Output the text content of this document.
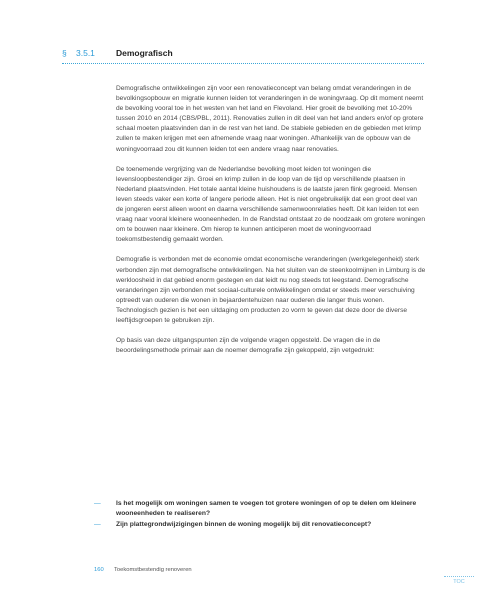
§	3.5.1	Demografisch

Demografische ontwikkelingen zijn voor een renovatieconcept van belang omdat veranderingen in de bevolkingsopbouw en migratie kunnen leiden tot veranderingen in de woningvraag. Op dit moment neemt de bevolking vooral toe in het westen van het land en Flevoland. Hier groeit de bevolking met 10-20% tussen 2010 en 2014 (CBS/PBL, 2011). Renovaties zullen in dit deel van het land anders en/of op grotere schaal moeten plaatsvinden dan in de rest van het land. De stabiele gebieden en de gebieden met krimp zullen te maken krijgen met een afnemende vraag naar woningen. Afhankelijk van de opbouw van de woningvoorraad zou dit kunnen leiden tot een andere vraag naar renovaties.

De toenemende vergrijzing van de Nederlandse bevolking moet leiden tot woningen die levensloopbestendiger zijn. Groei en krimp zullen in de loop van de tijd op verschillende plaatsen in Nederland plaatsvinden. Het totale aantal kleine huishoudens is de laatste jaren flink gegroeid. Mensen leven steeds vaker een korte of langere periode alleen. Het is niet ongebruikelijk dat een groot deel van de jongeren eerst alleen woont en daarna verschillende samenwoonrelaties heeft. Dit kan leiden tot een vraag naar vooral kleinere wooneenheden. In de Randstad ontstaat zo de noodzaak om grotere woningen om te bouwen naar kleinere. Om hierop te kunnen anticiperen moet de woningvoorraad toekomstbestendig gemaakt worden.

Demografie is verbonden met de economie omdat economische veranderingen (werkgelegenheid) sterk verbonden zijn met demografische ontwikkelingen. Na het sluiten van de steenkoolmijnen in Limburg is de werkloosheid in dat gebied enorm gestegen en dat leidt nu nog steeds tot leegstand. Demografische veranderingen zijn verbonden met sociaal-culturele ontwikkelingen omdat er steeds meer verschuiving optreedt van ouderen die wonen in bejaardentehuizen naar ouderen die langer thuis wonen. Technologisch gezien is het een uitdaging om producten zo vorm te geven dat deze door de diverse leeftijdsgroepen te gebruiken zijn.

Op basis van deze uitgangspunten zijn de volgende vragen opgesteld. De vragen die in de beoordelingsmethode primair aan de noemer demografie zijn gekoppeld, zijn vetgedrukt:

—	Is het mogelijk om woningen samen te voegen tot grotere woningen of op te delen om kleinere wooneenheden te realiseren?
—	Zijn plattegrondwijzigingen binnen de woning mogelijk bij dit renovatieconcept?
160	Toekomstbestendig renoveren
TOC
